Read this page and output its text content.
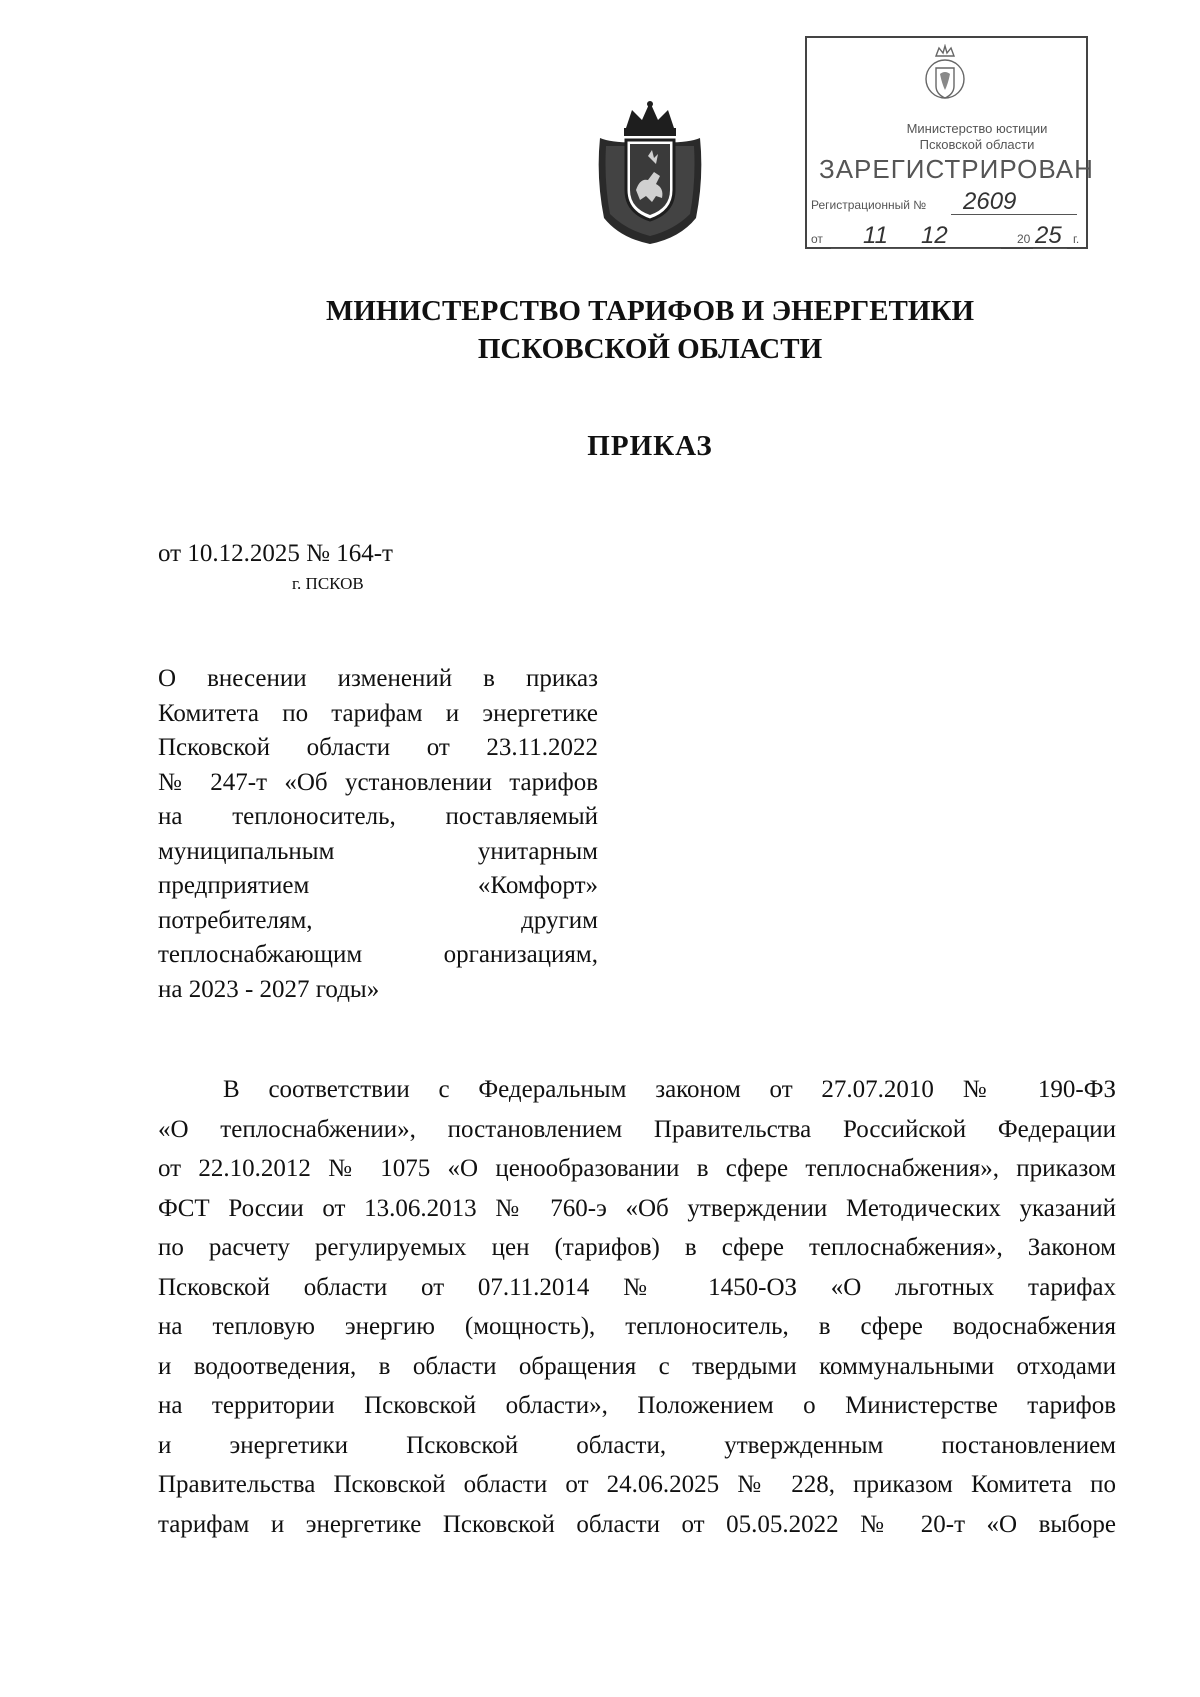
Министерство юстиции
Псковской области
ЗАРЕГИСТРИРОВАН
Регистрационный № 2609
от 11 12	20 25 г.
МИНИСТЕРСТВО ТАРИФОВ И ЭНЕРГЕТИКИ
ПСКОВСКОЙ ОБЛАСТИ
ПРИКАЗ
от 10.12.2025 № 164-т
г. ПСКОВ
О внесении изменений в приказ
Комитета по тарифам и энергетике
Псковской области от 23.11.2022
№ 247-т «Об установлении тарифов
на теплоноситель, поставляемый
муниципальным унитарным
предприятием «Комфорт»
потребителям, другим
теплоснабжающим организациям,
на 2023 - 2027 годы»
В соответствии с Федеральным законом от 27.07.2010 № 190-ФЗ
«О теплоснабжении», постановлением Правительства Российской Федерации
от 22.10.2012 № 1075 «О ценообразовании в сфере теплоснабжения», приказом
ФСТ России от 13.06.2013 № 760-э «Об утверждении Методических указаний
по расчету регулируемых цен (тарифов) в сфере теплоснабжения», Законом
Псковской области от 07.11.2014 № 1450-ОЗ «О льготных тарифах
на тепловую энергию (мощность), теплоноситель, в сфере водоснабжения
и водоотведения, в области обращения с твердыми коммунальными отходами
на территории Псковской области», Положением о Министерстве тарифов
и энергетики Псковской области, утвержденным постановлением
Правительства Псковской области от 24.06.2025 № 228, приказом Комитета по
тарифам и энергетике Псковской области от 05.05.2022 № 20-т «О выборе
